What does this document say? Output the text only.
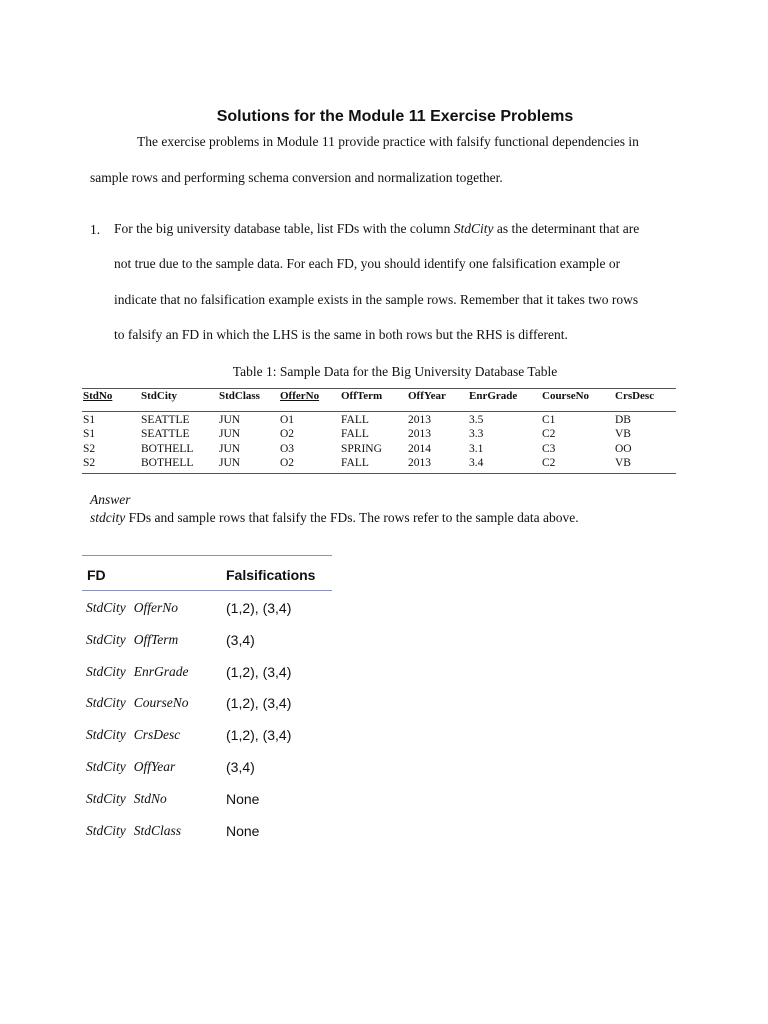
Solutions for the Module 11 Exercise Problems
The exercise problems in Module 11 provide practice with falsify functional dependencies in
sample rows and performing schema conversion and normalization together.
1. For the big university database table, list FDs with the column StdCity as the determinant that are
not true due to the sample data. For each FD, you should identify one falsification example or
indicate that no falsification example exists in the sample rows. Remember that it takes two rows
to falsify an FD in which the LHS is the same in both rows but the RHS is different.
Table 1: Sample Data for the Big University Database Table
StdNo	StdCity	StdClass OfferNo OffTerm OffYear EnrGrade CourseNo CrsDesc
S1	SEATTLE	JUN	O1	FALL	2013	3.5	C1	DB
S1	SEATTLE	JUN	O2	FALL	2013	3.3	C2	VB
S2	BOTHELL JUN	O3	SPRING 2014	3.1	C3	OO
S2	BOTHELL JUN	O2	FALL	2013	3.4	C2	VB
Answer
stdcity FDs and sample rows that falsify the FDs. The rows refer to the sample data above.
FD	Falsifications
StdCity OfferNo	(1,2), (3,4)
StdCity OffTerm	(3,4)
StdCity EnrGrade	(1,2), (3,4)
StdCity CourseNo	(1,2), (3,4)
StdCity CrsDesc	(1,2), (3,4)
StdCity OffYear	(3,4)
StdCity StdNo	None
StdCity StdClass	None
